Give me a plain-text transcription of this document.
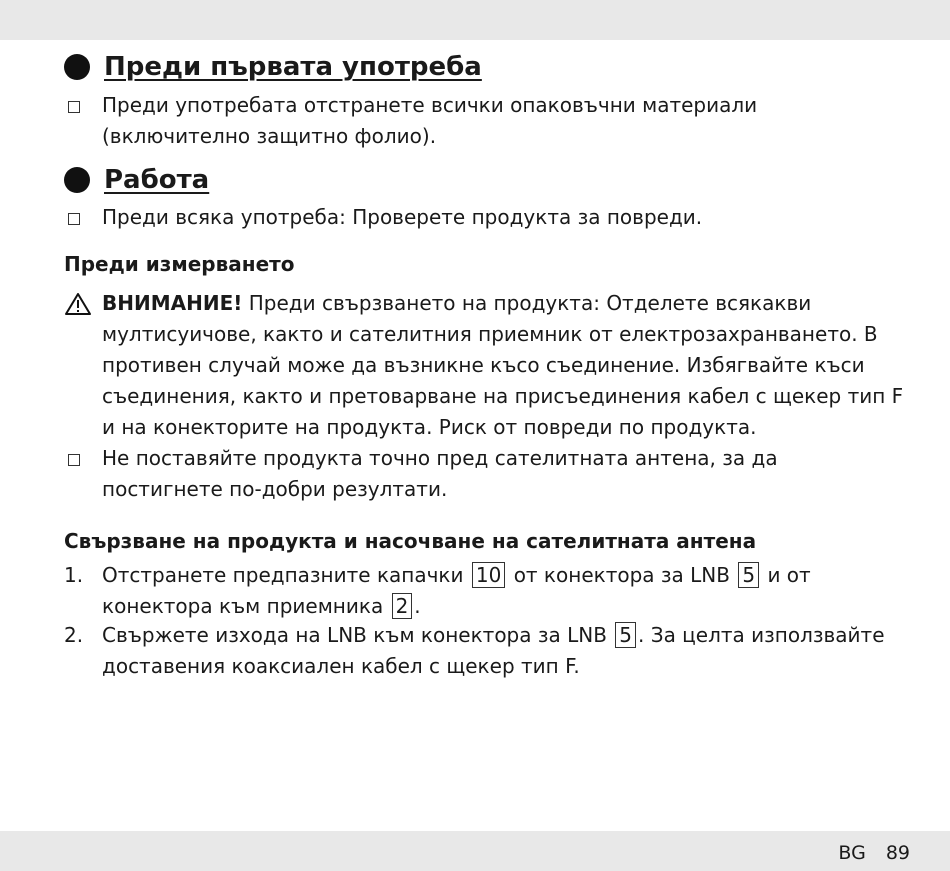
Преди първата употреба
Преди употребата отстранете всички опаковъчни материали (включително защитно фолио).
Работа
Преди всяка употреба: Проверете продукта за повреди.
Преди измерването
ВНИМАНИЕ! Преди свързването на продукта: Отделете всякакви мултисуичове, както и сателитния приемник от електрозахранването. В противен случай може да възникне късо съединение. Избягвайте къси съединения, както и претоварване на присъединения кабел с щекер тип F и на конекторите на продукта. Риск от повреди по продукта.
Не поставяйте продукта точно пред сателитната антена, за да постигнете по-добри резултати.
Свързване на продукта и насочване на сателитната антена
1. Отстранете предпазните капачки 10 от конектора за LNB 5 и от конектора към приемника 2 .
2. Свържете изхода на LNB към конектора за LNB 5 . За целта използвайте доставения коаксиален кабел с щекер тип F.
BG 89
